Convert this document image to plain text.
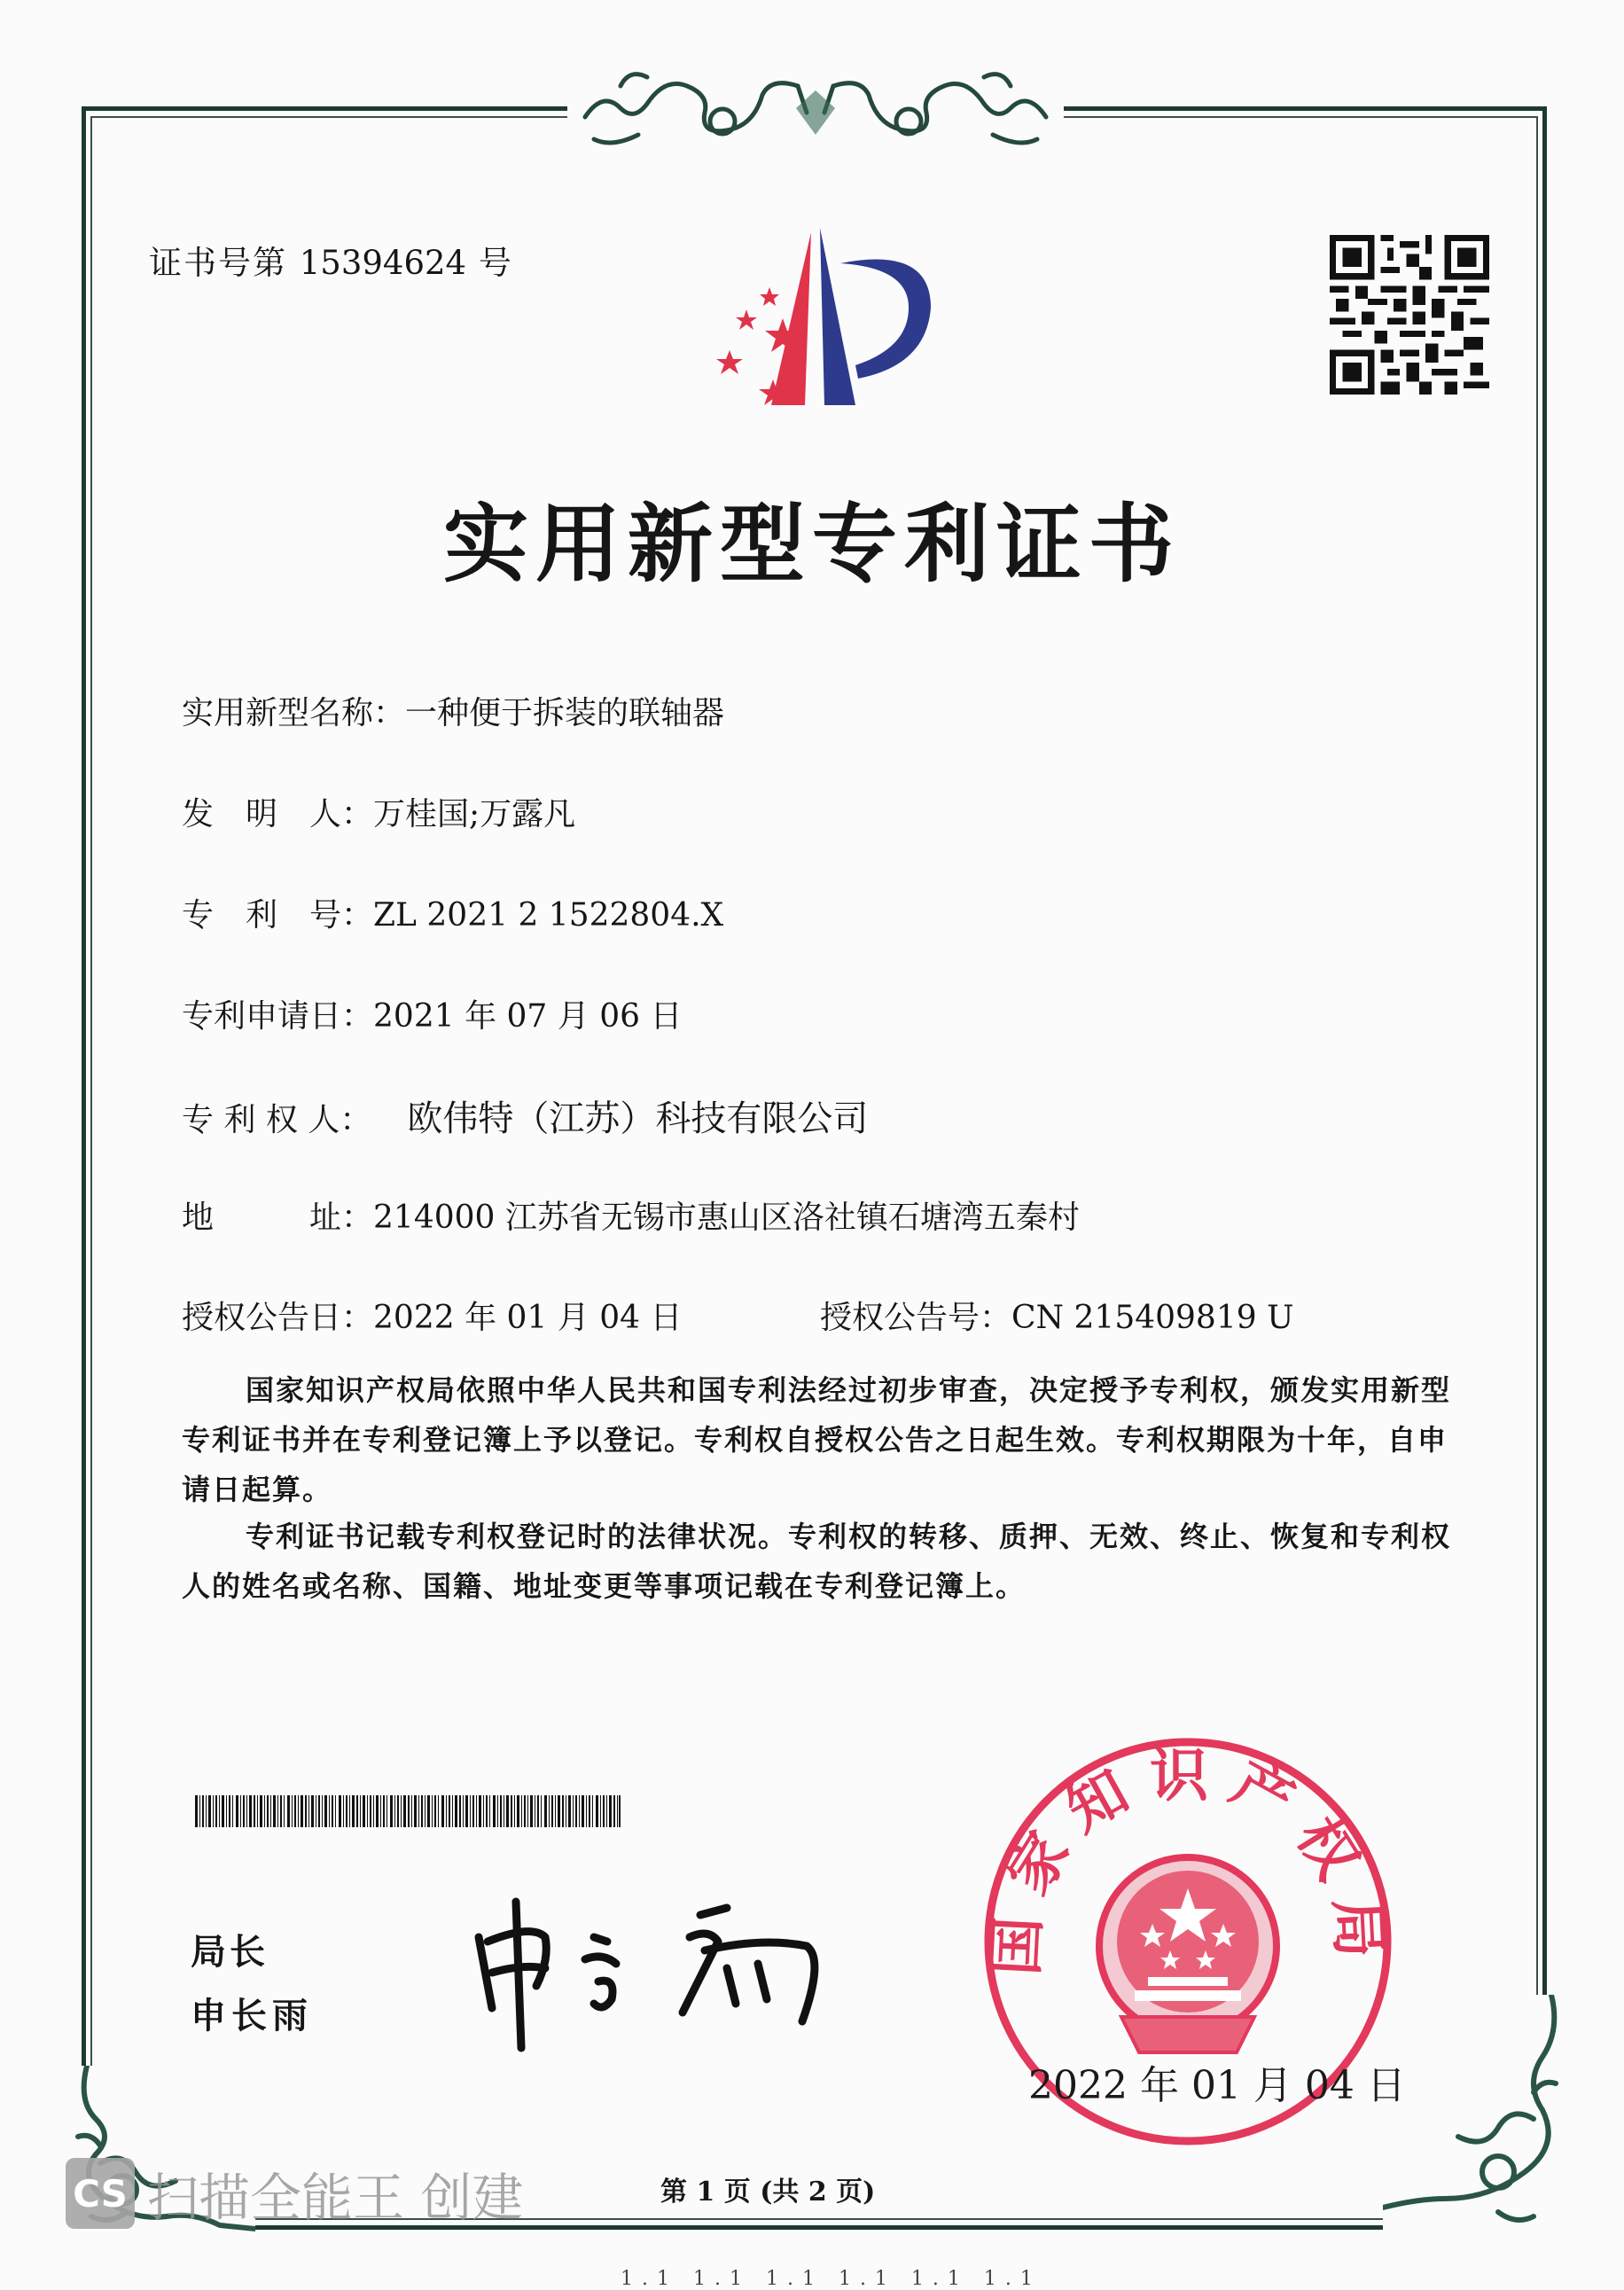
证书号第 15394624 号
实用新型专利证书
实用新型名称：一种便于拆装的联轴器
发　明　人：万桂国;万露凡
专　利　号：ZL 2021 2 1522804.X
专利申请日：2021 年 07 月 06 日
专 利 权 人： 欧伟特（江苏）科技有限公司
地　　　址：214000 江苏省无锡市惠山区洛社镇石塘湾五秦村
授权公告日：2022 年 01 月 04 日	授权公告号：CN 215409819 U
国家知识产权局依照中华人民共和国专利法经过初步审查，决定授予专利权，颁发实用新型专利证书并在专利登记簿上予以登记。专利权自授权公告之日起生效。专利权期限为十年，自申请日起算。
专利证书记载专利权登记时的法律状况。专利权的转移、质押、无效、终止、恢复和专利权人的姓名或名称、国籍、地址变更等事项记载在专利登记簿上。
局长
申长雨
国家知识产权局
2022 年 01 月 04 日
第 1 页 (共 2 页)
1.1 1.1 1.1 1.1 1.1 1.1
CS 扫描全能王 创建
